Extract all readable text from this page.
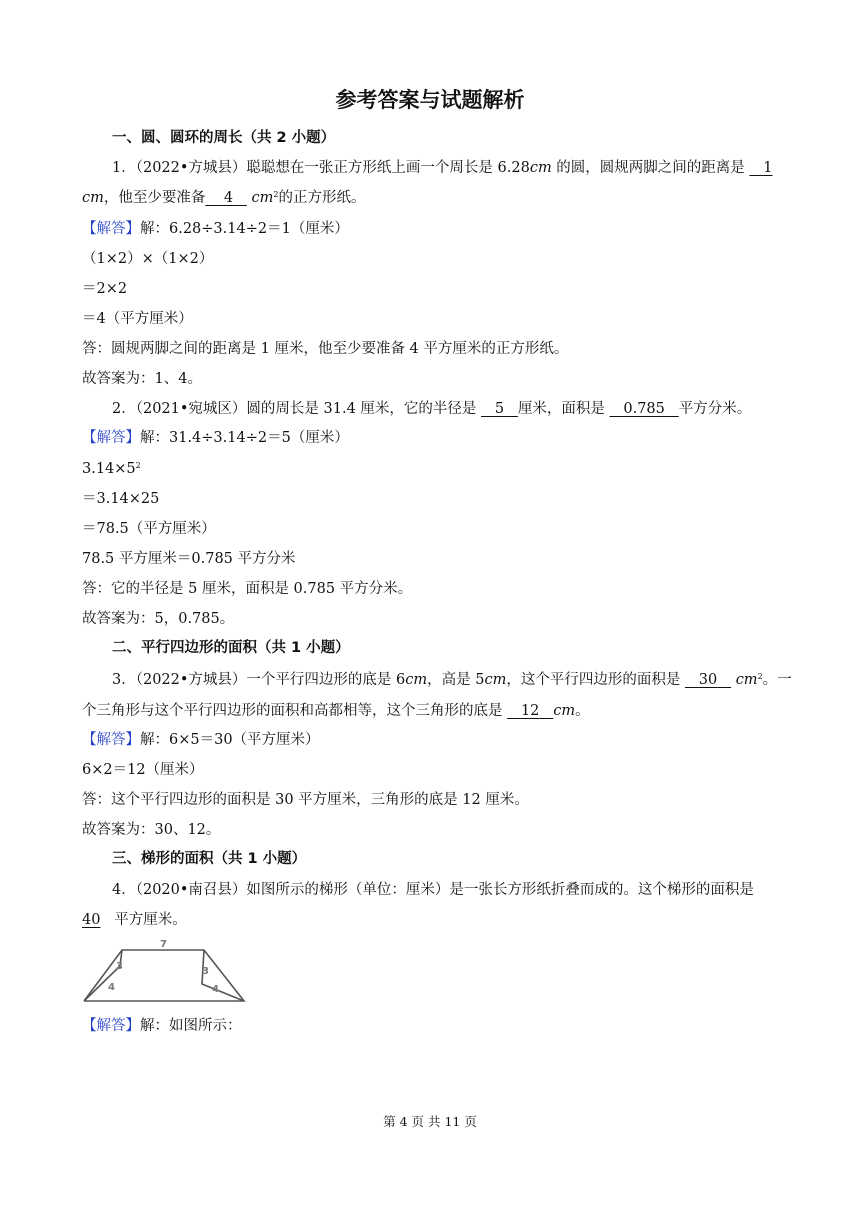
参考答案与试题解析
一、圆、圆环的周长（共 2 小题）
1．（2022•方城县）聪聪想在一张正方形纸上画一个周长是 6.28cm 的圆，圆规两脚之间的距离是 1
cm，他至少要准备 4 $cm^2$的正方形纸。
【解答】解：6.28÷3.14÷2＝1（厘米）
（1×2）×（1×2）
＝2×2
＝4（平方厘米）
答：圆规两脚之间的距离是 1 厘米，他至少要准备 4 平方厘米的正方形纸。
故答案为：1、4。
2．（2021•宛城区）圆的周长是 31.4 厘米，它的半径是 5 厘米，面积是 0.785 平方分米。
【解答】解：31.4÷3.14÷2＝5（厘米）
$3.14\times 5^2$
＝3.14×25
＝78.5（平方厘米）
78.5 平方厘米＝0.785 平方分米
答：它的半径是 5 厘米，面积是 0.785 平方分米。
故答案为：5，0.785。
二、平行四边形的面积（共 1 小题）
3．（2022•方城县）一个平行四边形的底是 6cm，高是 5cm，这个平行四边形的面积是 30 $cm^2$。一
个三角形与这个平行四边形的面积和高都相等，这个三角形的底是 12 cm。
【解答】解：6×5＝30（平方厘米）
6×2＝12（厘米）
答：这个平行四边形的面积是 30 平方厘米，三角形的底是 12 厘米。
故答案为：30、12。
三、梯形的面积（共 1 小题）
4．（2020•南召县）如图所示的梯形（单位：厘米）是一张长方形纸折叠而成的。这个梯形的面积是
40 平方厘米。
7
3
4
3
4
【解答】解：如图所示：
第 4 页 共 11 页
